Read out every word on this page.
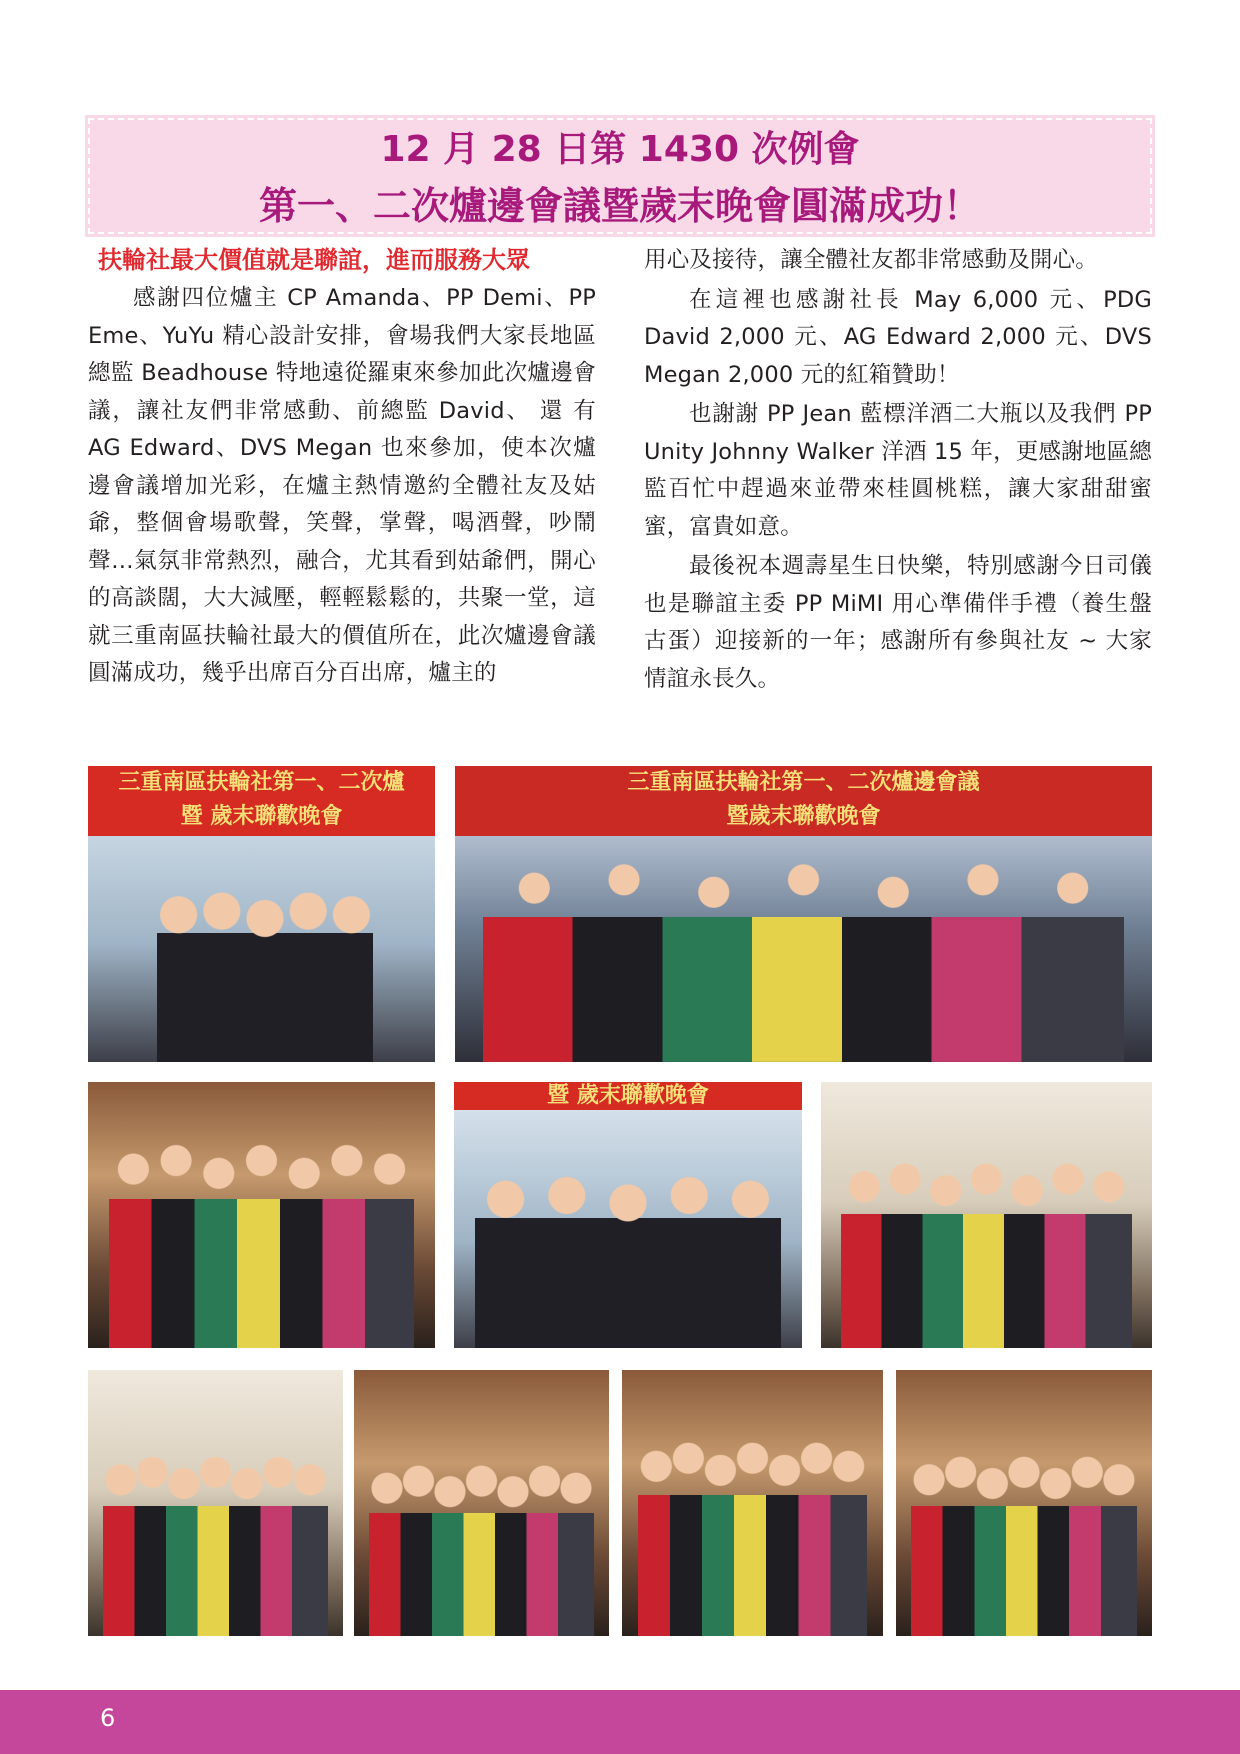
12 月 28 日第 1430 次例會
第一、二次爐邊會議暨歲末晚會圓滿成功！
扶輪社最大價值就是聯誼，進而服務大眾

感謝四位爐主 CP Amanda、PP Demi、PP Eme、YuYu 精心設計安排，會場我們大家長地區總監 Beadhouse 特地遠從羅東來參加此次爐邊會議，讓社友們非常感動、前總監 David、 還 有 AG Edward、DVS Megan 也來參加，使本次爐邊會議增加光彩，在爐主熱情邀約全體社友及姑爺，整個會場歌聲，笑聲，掌聲，喝酒聲，吵鬧聲…氣氛非常熱烈，融合，尤其看到姑爺們，開心的高談闊，大大減壓，輕輕鬆鬆的，共聚一堂，這就三重南區扶輪社最大的價值所在，此次爐邊會議圓滿成功，幾乎出席百分百出席，爐主的

用心及接待，讓全體社友都非常感動及開心。

在這裡也感謝社長 May 6,000 元、PDG David 2,000 元、AG Edward 2,000 元、DVS Megan 2,000 元的紅箱贊助！

也謝謝 PP Jean 藍標洋酒二大瓶以及我們 PP Unity Johnny Walker 洋酒 15 年，更感謝地區總監百忙中趕過來並帶來桂圓桃糕，讓大家甜甜蜜蜜，富貴如意。

最後祝本週壽星生日快樂，特別感謝今日司儀也是聯誼主委 PP MiMI 用心準備伴手禮（養生盤古蛋）迎接新的一年；感謝所有參與社友 ~ 大家情誼永長久。

三重南區扶輪社第一、二次爐
暨 歲末聯歡晚會
三重南區扶輪社第一、二次爐邊會議
暨歲末聯歡晚會
暨 歲末聯歡晚會
6
